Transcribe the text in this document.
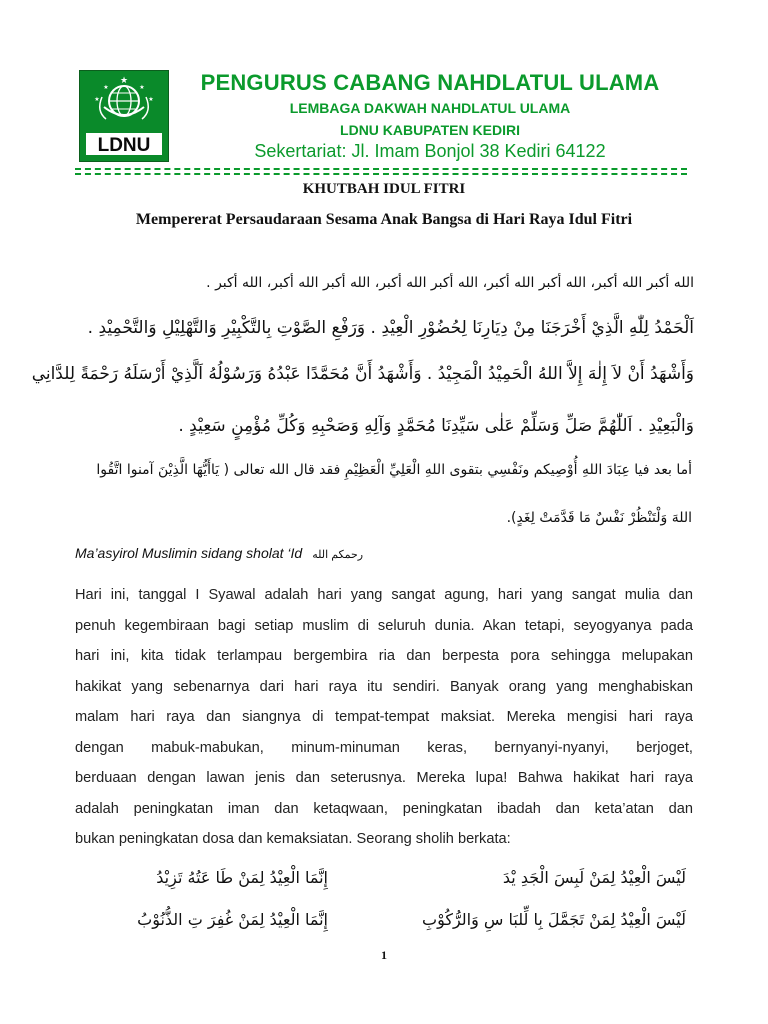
★
★	★
★	★
LDNU
PENGURUS CABANG NAHDLATUL ULAMA
LEMBAGA DAKWAH NAHDLATUL ULAMA
LDNU KABUPATEN KEDIRI
Sekertariat: Jl. Imam Bonjol 38 Kediri 64122
KHUTBAH IDUL FITRI
Mempererat Persaudaraan Sesama Anak Bangsa di Hari Raya Idul Fitri
الله أكبر الله أكبر، الله أكبر الله أكبر، الله أكبر الله أكبر، الله أكبر الله أكبر، الله أكبر .
اَلْحَمْدُ لِلّٰهِ الَّذِيْ أَخْرَجَنَا مِنْ دِيَارِنَا لِحُضُوْرِ الْعِيْدِ . وَرَفْعِ الصَّوْتِ بِالتَّكْبِيْرِ وَالتَّهْلِيْلِ وَالتَّحْمِيْدِ .
وَأَشْهَدُ أَنْ لاَ إِلٰهَ إِلاَّ اللهُ الْحَمِيْدُ الْمَجِيْدُ . وَأَشْهَدُ أَنَّ مُحَمَّدًا عَبْدُهُ وَرَسُوْلُهُ اَلَّذِيْ أَرْسَلَهُ رَحْمَةً لِلدَّانِي
وَالْبَعِيْدِ . اَللّٰهُمَّ صَلِّ وَسَلِّمْ عَلٰى سَيِّدِنَا مُحَمَّدٍ وَآلِهِ وَصَحْبِهِ وَكُلِّ مُؤْمِنٍ سَعِيْدٍ .
أما بعد فيا عِبَادَ اللهِ أُوْصِيكم ونَفْسِي بتقوى اللهِ الْعَلِيِّ الْعَظِيْمِ فقد قال الله تعالى ( يَاأَيُّهَا الَّذِيْنَ آمنوا اتَّقُوا
اللهَ وَلْتَنْظُرْ نَفْسٌ مَا قَدَّمَتْ لِغَدٍ).
Ma’asyirol Muslimin sidang sholat ‘Id رحمكم الله
Hari ini, tanggal I Syawal adalah hari yang sangat agung, hari yang sangat mulia dan
penuh kegembiraan bagi setiap muslim di seluruh dunia. Akan tetapi, seyogyanya pada
hari ini, kita tidak terlampau bergembira ria dan berpesta pora sehingga melupakan
hakikat yang sebenarnya dari hari raya itu sendiri. Banyak orang yang menghabiskan
malam hari raya dan siangnya di tempat-tempat maksiat. Mereka mengisi hari raya
dengan mabuk-mabukan, minum-minuman keras, bernyanyi-nyanyi, berjoget,
berduaan dengan lawan jenis dan seterusnya. Mereka lupa! Bahwa hakikat hari raya
adalah peningkatan iman dan ketaqwaan, peningkatan ibadah dan keta’atan dan
bukan peningkatan dosa dan kemaksiatan. Seorang sholih berkata:
لَيْسَ الْعِيْدُ لِمَنْ لَبِسَ الْجَدِ يْدَ
إِنَّمَا الْعِيْدُ لِمَنْ طَا عَتُهُ تَزِيْدُ
لَيْسَ الْعِيْدُ لِمَنْ تَجَمَّلَ بِا لِّلبَا سِ وَالرُّكُوْبِ
إِنَّمَا الْعِيْدُ لِمَنْ غُفِرَ تِ الذُّنُوْبُ
1
